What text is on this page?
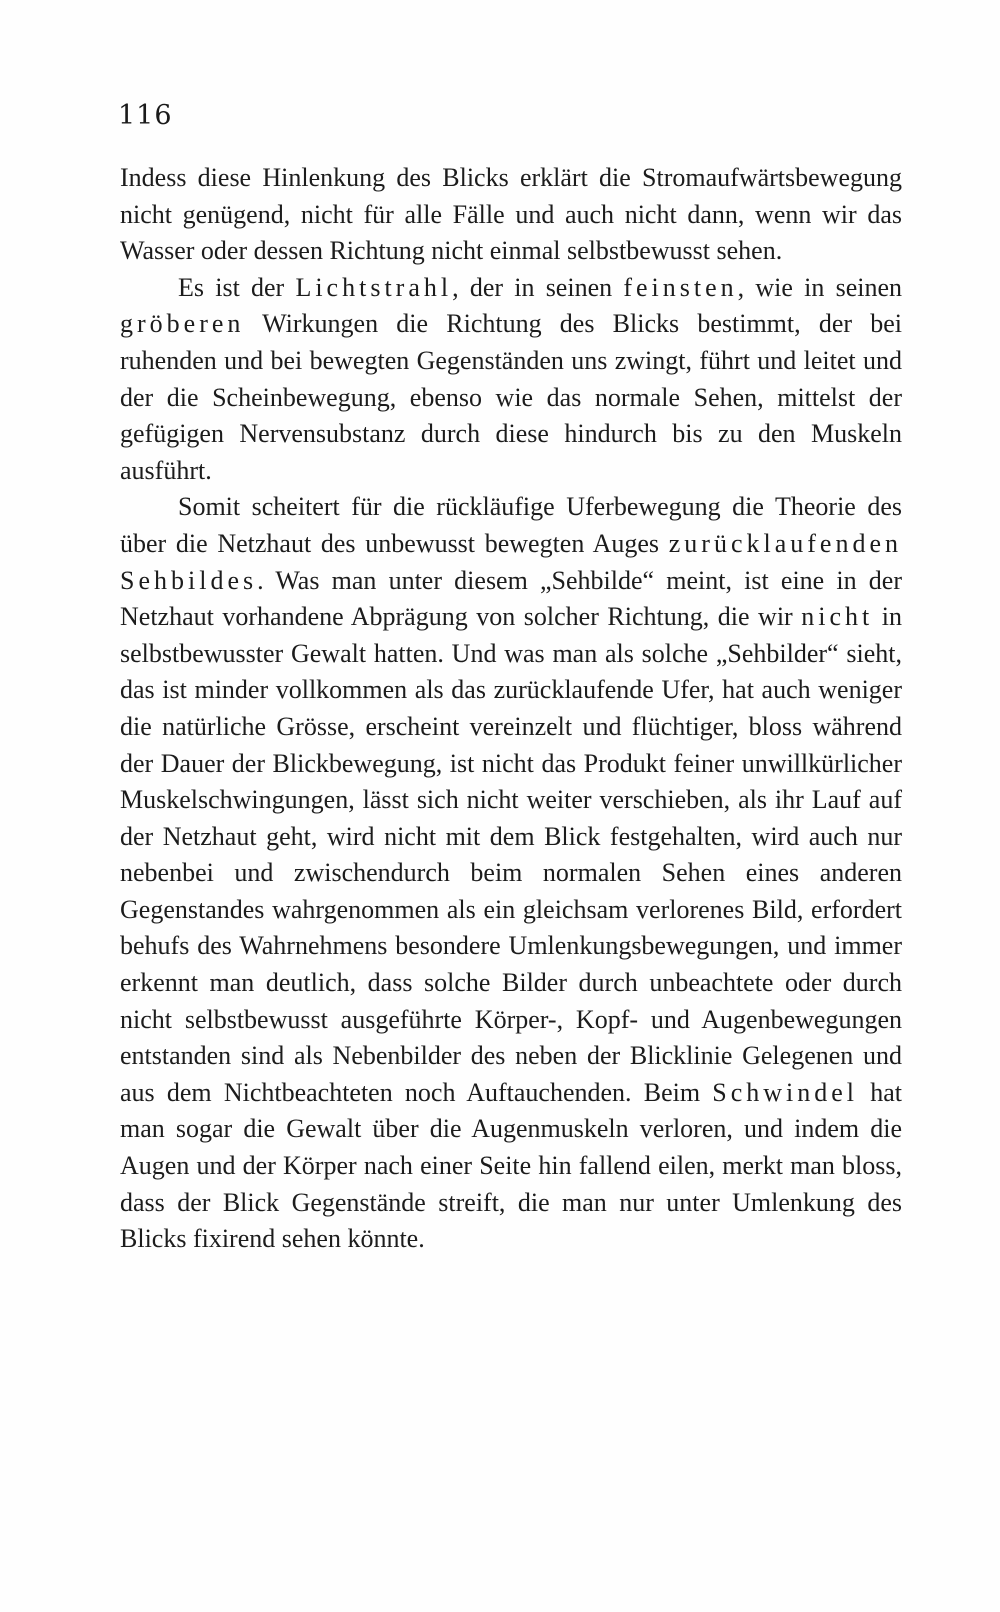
116

Indess diese Hinlenkung des Blicks erklärt die Stromaufwärtsbewegung nicht genügend, nicht für alle Fälle und auch nicht dann, wenn wir das Wasser oder dessen Richtung nicht einmal selbstbewusst sehen.

Es ist der Lichtstrahl, der in seinen feinsten, wie in seinen gröberen Wirkungen die Richtung des Blicks bestimmt, der bei ruhenden und bei bewegten Gegenständen uns zwingt, führt und leitet und der die Scheinbewegung, ebenso wie das normale Sehen, mittelst der gefügigen Nervensubstanz durch diese hindurch bis zu den Muskeln ausführt.

Somit scheitert für die rückläufige Uferbewegung die Theorie des über die Netzhaut des unbewusst bewegten Auges zurücklaufenden Sehbildes. Was man unter diesem „Sehbilde“ meint, ist eine in der Netzhaut vorhandene Abprägung von solcher Richtung, die wir nicht in selbstbewusster Gewalt hatten. Und was man als solche „Sehbilder“ sieht, das ist minder vollkommen als das zurücklaufende Ufer, hat auch weniger die natürliche Grösse, erscheint vereinzelt und flüchtiger, bloss während der Dauer der Blickbewegung, ist nicht das Produkt feiner unwillkürlicher Muskelschwingungen, lässt sich nicht weiter verschieben, als ihr Lauf auf der Netzhaut geht, wird nicht mit dem Blick festgehalten, wird auch nur nebenbei und zwischendurch beim normalen Sehen eines anderen Gegenstandes wahrgenommen als ein gleichsam verlorenes Bild, erfordert behufs des Wahrnehmens besondere Umlenkungsbewegungen, und immer erkennt man deutlich, dass solche Bilder durch unbeachtete oder durch nicht selbstbewusst ausgeführte Körper-, Kopf- und Augenbewegungen entstanden sind als Nebenbilder des neben der Blicklinie Gelegenen und aus dem Nichtbeachteten noch Auftauchenden. Beim Schwindel hat man sogar die Gewalt über die Augenmuskeln verloren, und indem die Augen und der Körper nach einer Seite hin fallend eilen, merkt man bloss, dass der Blick Gegenstände streift, die man nur unter Umlenkung des Blicks fixirend sehen könnte.
